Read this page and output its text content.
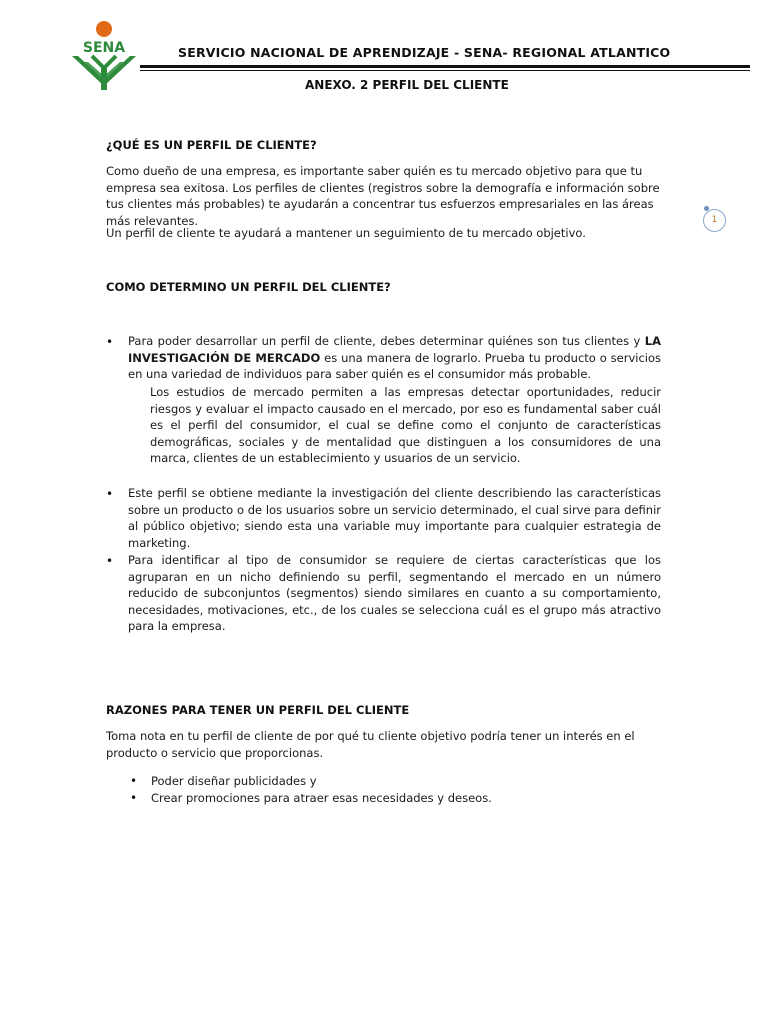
SENA	SERVICIO NACIONAL DE APRENDIZAJE - SENA- REGIONAL ATLANTICO
ANEXO. 2 PERFIL DEL CLIENTE
1
¿QUÉ ES UN PERFIL DE CLIENTE?
Como dueño de una empresa, es importante saber quién es tu mercado objetivo para que tu empresa sea exitosa. Los perfiles de clientes (registros sobre la demografía e información sobre tus clientes más probables) te ayudarán a concentrar tus esfuerzos empresariales en las áreas más relevantes.
Un perfil de cliente te ayudará a mantener un seguimiento de tu mercado objetivo.
COMO DETERMINO UN PERFIL DEL CLIENTE?
• Para poder desarrollar un perfil de cliente, debes determinar quiénes son tus clientes y LA INVESTIGACIÓN DE MERCADO es una manera de lograrlo. Prueba tu producto o servicios en una variedad de individuos para saber quién es el consumidor más probable.
Los estudios de mercado permiten a las empresas detectar oportunidades, reducir riesgos y evaluar el impacto causado en el mercado, por eso es fundamental saber cuál es el perfil del consumidor, el cual se define como el conjunto de características demográficas, sociales y de mentalidad que distinguen a los consumidores de una marca, clientes de un establecimiento y usuarios de un servicio.
• Este perfil se obtiene mediante la investigación del cliente describiendo las características sobre un producto o de los usuarios sobre un servicio determinado, el cual sirve para definir al público objetivo; siendo esta una variable muy importante para cualquier estrategia de marketing.
• Para identificar al tipo de consumidor se requiere de ciertas características que los agruparan en un nicho definiendo su perfil, segmentando el mercado en un número reducido de subconjuntos (segmentos) siendo similares en cuanto a su comportamiento, necesidades, motivaciones, etc., de los cuales se selecciona cuál es el grupo más atractivo para la empresa.
RAZONES PARA TENER UN PERFIL DEL CLIENTE
Toma nota en tu perfil de cliente de por qué tu cliente objetivo podría tener un interés en el producto o servicio que proporcionas.
• Poder diseñar publicidades y
• Crear promociones para atraer esas necesidades y deseos.
